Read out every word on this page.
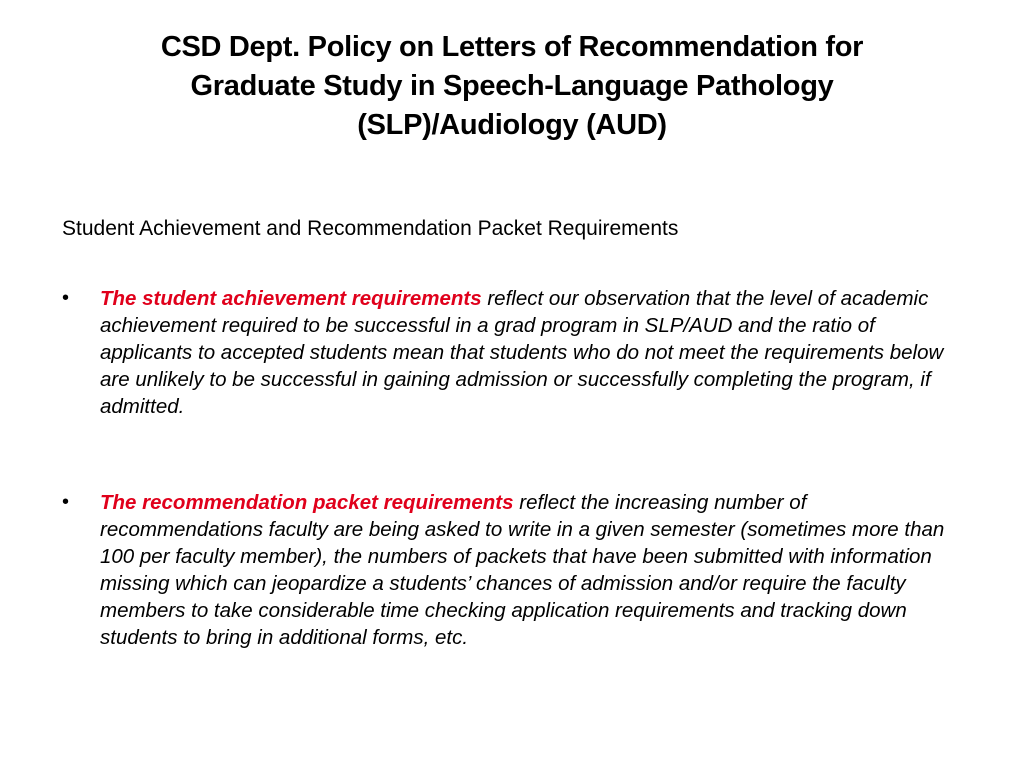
CSD Dept. Policy on Letters of Recommendation for
Graduate Study in Speech-Language Pathology
(SLP)/Audiology (AUD)

Student Achievement and Recommendation Packet Requirements

• The student achievement requirements reflect our observation that the level of academic achievement required to be successful in a grad program in SLP/AUD and the ratio of applicants to accepted students mean that students who do not meet the requirements below are unlikely to be successful in gaining admission or successfully completing the program, if admitted.
• The recommendation packet requirements reflect the increasing number of recommendations faculty are being asked to write in a given semester (sometimes more than 100 per faculty member), the numbers of packets that have been submitted with information missing which can jeopardize a students’ chances of admission and/or require the faculty members to take considerable time checking application requirements and tracking down students to bring in additional forms, etc.
